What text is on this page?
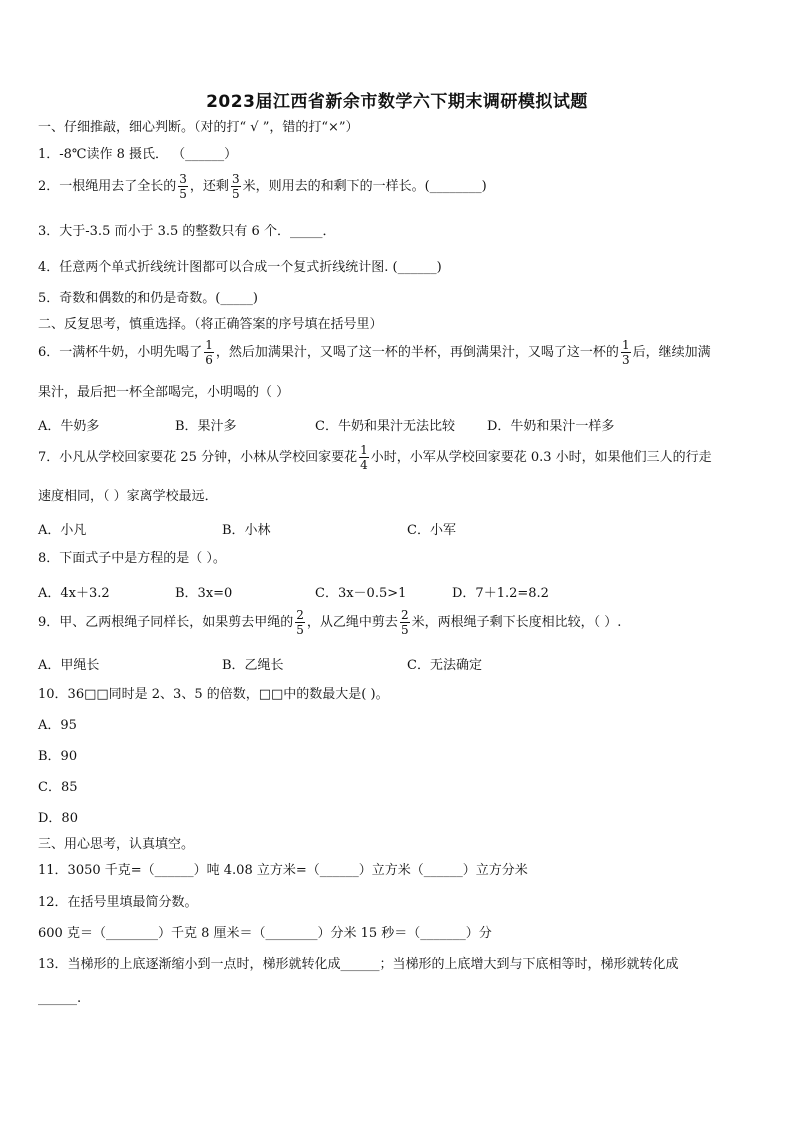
2023届江西省新余市数学六下期末调研模拟试题
一、仔细推敲，细心判断。（对的打“ √ ”，错的打“×”）
1．-8℃读作 8 摄氏． （______）
2．一根绳用去了全长的 $\frac{3}{5}$ ，还剩 $\frac{3}{5}$ 米，则用去的和剩下的一样长。(________)
3．大于-3.5 而小于 3.5 的整数只有 6 个．_____．
4．任意两个单式折线统计图都可以合成一个复式折线统计图. (______)
5．奇数和偶数的和仍是奇数。(_____)
二、反复思考，慎重选择。（将正确答案的序号填在括号里）
6．一满杯牛奶，小明先喝了 $\frac{1}{6}$ ，然后加满果汁，又喝了这一杯的半杯，再倒满果汁，又喝了这一杯的 $\frac{1}{3}$ 后，继续加满
果汁，最后把一杯全部喝完，小明喝的（ ）
A．牛奶多	B．果汁多	C．牛奶和果汁无法比较 D．牛奶和果汁一样多
7．小凡从学校回家要花 25 分钟，小林从学校回家要花 $\frac{1}{4}$ 小时，小军从学校回家要花 0.3 小时，如果他们三人的行走
速度相同，（ ）家离学校最远．
A．小凡	B．小林	C．小军
8．下面式子中是方程的是（ ）。
A．4x＋3.2	B．3x=0	C．3x－0.5>1	D．7＋1.2=8.2
9．甲、乙两根绳子同样长，如果剪去甲绳的 $\frac{2}{5}$ ，从乙绳中剪去 $\frac{2}{5}$ 米，两根绳子剩下长度相比较，（ ）.
A．甲绳长	B．乙绳长	C．无法确定
10．36□□同时是 2、3、5 的倍数，□□中的数最大是( )。
A．95
B．90
C．85
D．80
三、用心思考，认真填空。
11．3050 千克=（______）吨 4.08 立方米=（______）立方米（______）立方分米
12．在括号里填最简分数。
600 克＝（________）千克 8 厘米＝（________）分米 15 秒＝（_______）分
13．当梯形的上底逐渐缩小到一点时，梯形就转化成______；当梯形的上底增大到与下底相等时，梯形就转化成
______.
